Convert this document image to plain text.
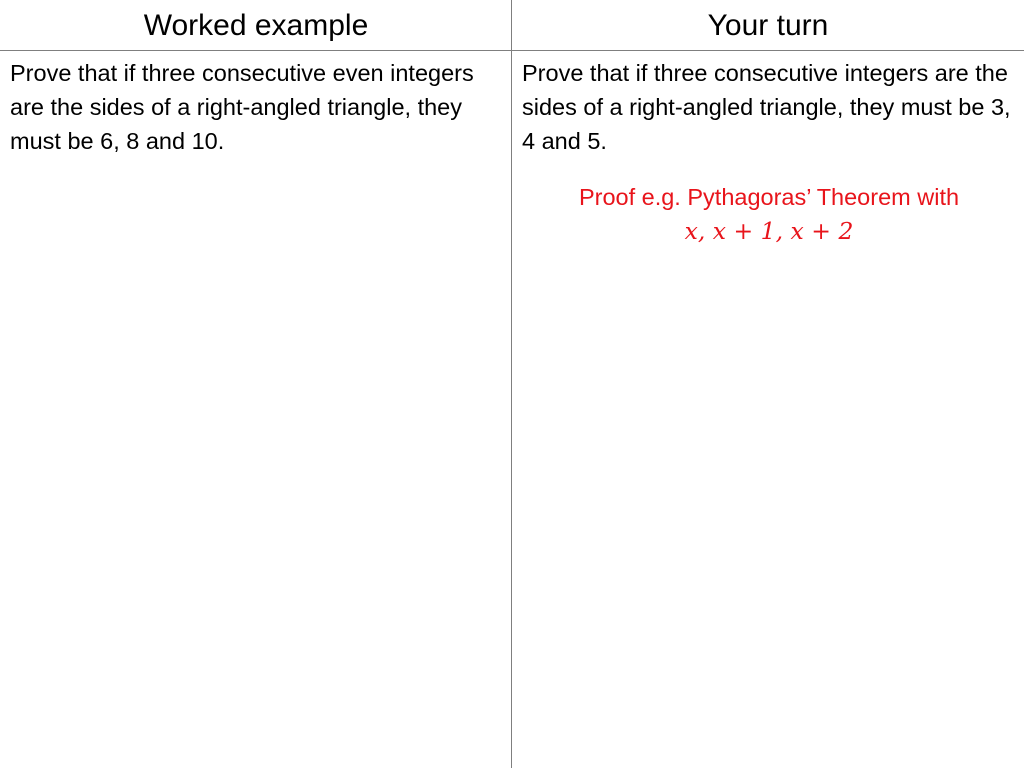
Worked example	Your turn

Prove that if three consecutive even integers are the sides of a right-angled triangle, they must be 6, 8 and 10.

Prove that if three consecutive integers are the sides of a right-angled triangle, they must be 3, 4 and 5.

Proof e.g. Pythagoras’ Theorem with
x, x + 1, x + 2
